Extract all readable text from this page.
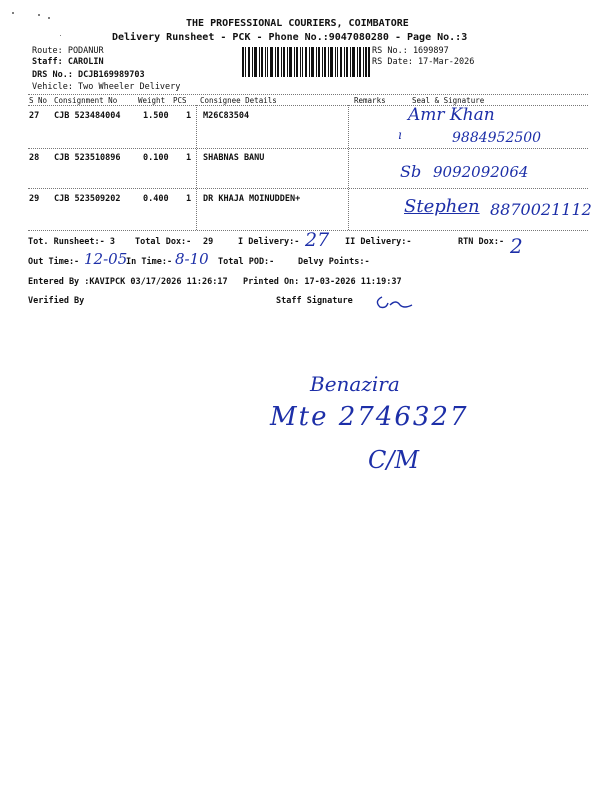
THE PROFESSIONAL COURIERS, COIMBATORE
Delivery Runsheet - PCK - Phone No.:9047080280 - Page No.:3
Route: PODANUR
Staff: CAROLIN
DRS No.: DCJB169989703
Vehicle: Two Wheeler Delivery
RS No.: 1699897
RS Date: 17-Mar-2026
S No Consignment No	Weight PCS Consignee Details	Remarks	Seal & Signature
27 CJB 523484004	1.500 1 M26C83504	Amr Khan
9884952500
28 CJB 523510896	0.100 1 SHABNAS BANU
Sb 9092092064
29 CJB 523509202	0.400 1 DR KHAJA MOINUDDEN+	Stephen 8870021112
Tot. Runsheet:- 3 Total Dox:- 29	I Delivery:- 27 II Delivery:-	RTN Dox:- 2
Out Time:- 12-05
In Time:- 8-10 Total POD:-	Delvy Points:-
Entered By :KAVIPCK 03/17/2026 11:26:17 Printed On: 17-03-2026 11:19:37
Verified By	Staff Signature
ı
Benazira
Mte 2746327
C/M
